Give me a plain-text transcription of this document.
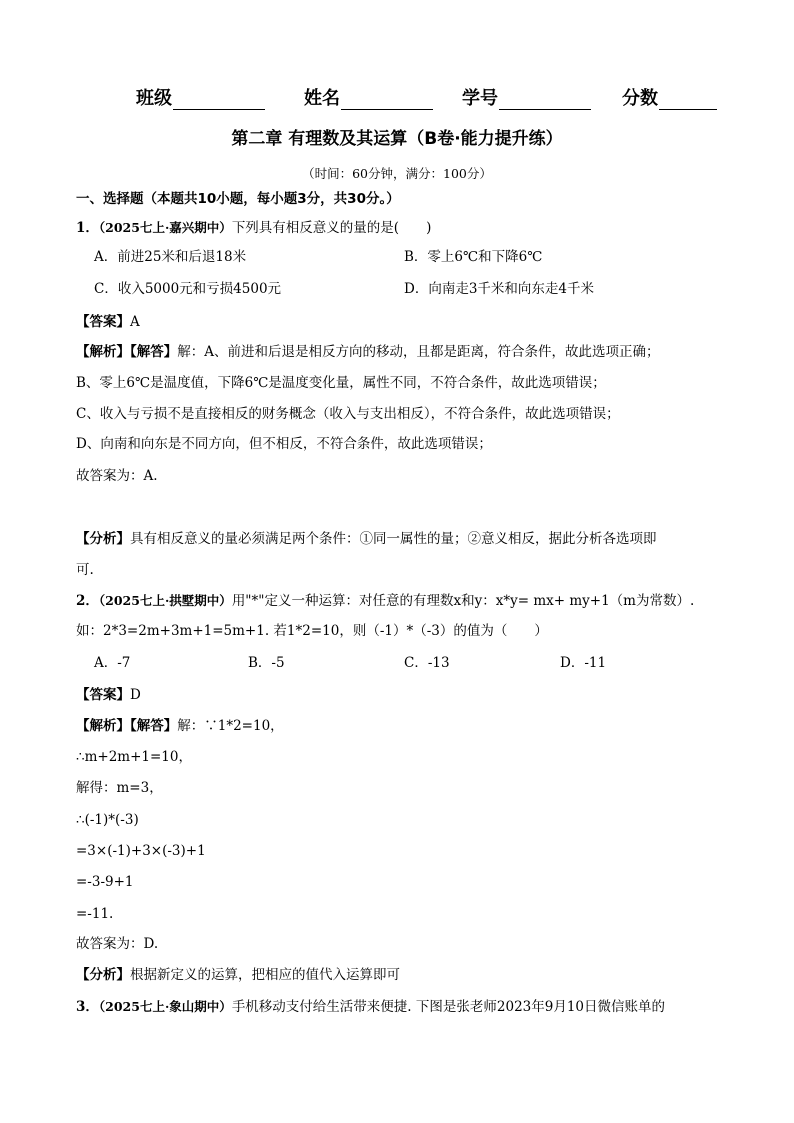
班级	姓名	学号	分数
第二章 有理数及其运算（B卷·能力提升练）
（时间：60分钟，满分：100分）
一、选择题（本题共10小题，每小题3分，共30分。）
1．（2025七上·嘉兴期中）下列具有相反意义的量的是(　　)
A．前进25米和后退18米	B．零上6℃和下降6℃
C．收入5000元和亏损4500元	D．向南走3千米和向东走4千米
【答案】A
【解析】【解答】解：A、前进和后退是相反方向的移动，且都是距离，符合条件，故此选项正确；
B、零上6℃是温度值，下降6℃是温度变化量，属性不同，不符合条件，故此选项错误；
C、收入与亏损不是直接相反的财务概念（收入与支出相反），不符合条件，故此选项错误；
D、向南和向东是不同方向，但不相反，不符合条件，故此选项错误；
故答案为：A.
【分析】具有相反意义的量必须满足两个条件：①同一属性的量；②意义相反，据此分析各选项即
可.
2．（2025七上·拱墅期中）用"*"定义一种运算：对任意的有理数x和y：x*y= mx+ my+1（m为常数）.
如：2*3=2m+3m+1=5m+1. 若1*2=10，则（-1）*（-3）的值为（　　）
A．-7	B．-5	C．-13	D．-11
【答案】D
【解析】【解答】解：∵1*2=10，
∴m+2m+1=10，
解得：m=3，
∴(-1)*(-3)
=3×(-1)+3×(-3)+1
=-3-9+1
=-11.
故答案为：D.
【分析】根据新定义的运算，把相应的值代入运算即可
3．（2025七上·象山期中）手机移动支付给生活带来便捷. 下图是张老师2023年9月10日微信账单的
